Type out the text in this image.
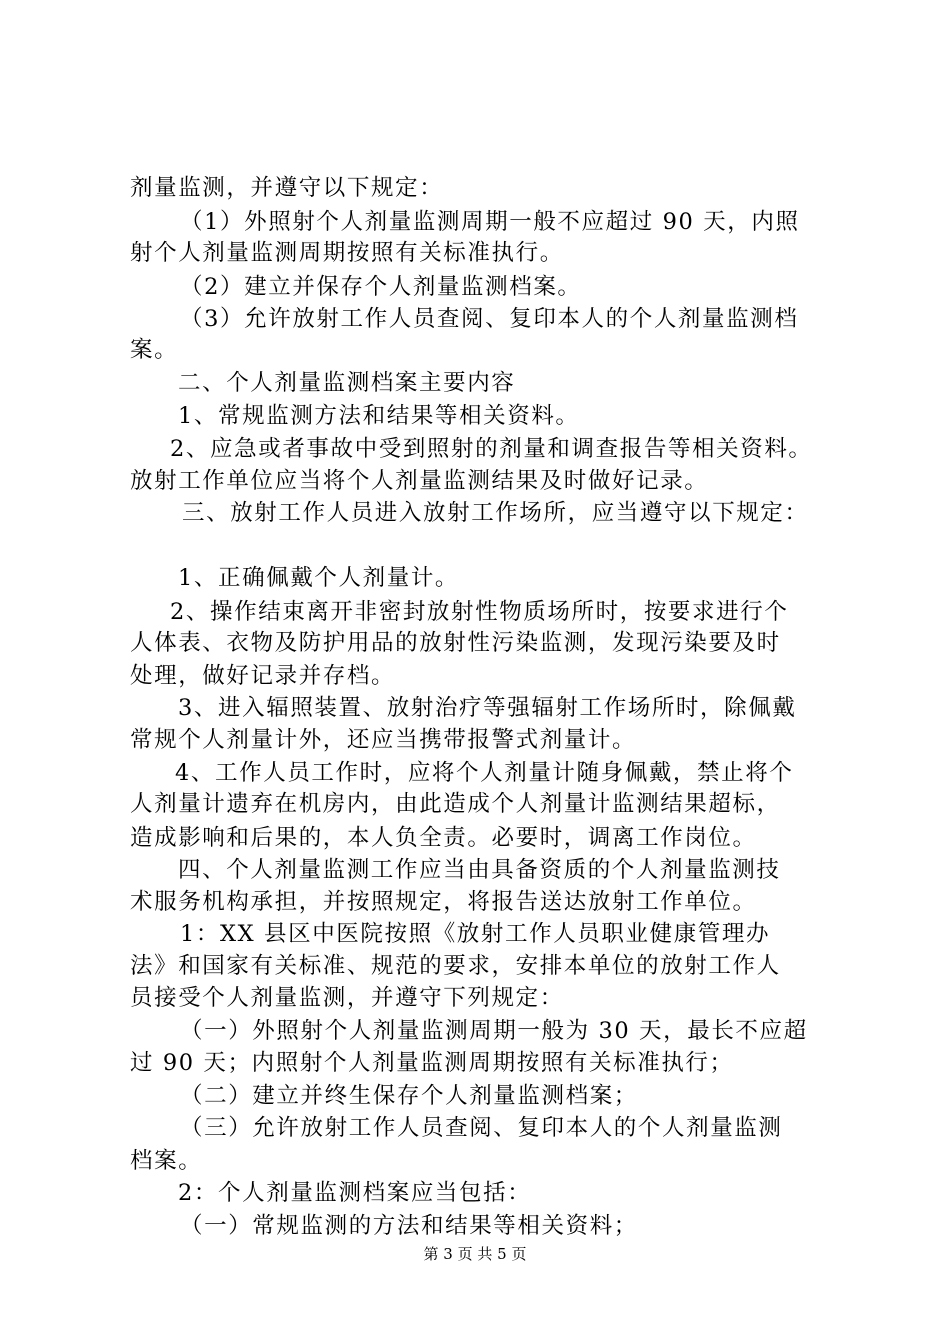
剂量监测，并遵守以下规定：
（1）外照射个人剂量监测周期一般不应超过 90 天，内照
射个人剂量监测周期按照有关标准执行。
（2）建立并保存个人剂量监测档案。
（3）允许放射工作人员查阅、复印本人的个人剂量监测档
案。
二、个人剂量监测档案主要内容
1、常规监测方法和结果等相关资料。
2、应急或者事故中受到照射的剂量和调查报告等相关资料。
放射工作单位应当将个人剂量监测结果及时做好记录。
三、放射工作人员进入放射工作场所，应当遵守以下规定：
1、正确佩戴个人剂量计。
2、操作结束离开非密封放射性物质场所时，按要求进行个
人体表、衣物及防护用品的放射性污染监测，发现污染要及时
处理，做好记录并存档。
3、进入辐照装置、放射治疗等强辐射工作场所时，除佩戴
常规个人剂量计外，还应当携带报警式剂量计。
4、工作人员工作时，应将个人剂量计随身佩戴，禁止将个
人剂量计遗弃在机房内，由此造成个人剂量计监测结果超标，
造成影响和后果的，本人负全责。必要时，调离工作岗位。
四、个人剂量监测工作应当由具备资质的个人剂量监测技
术服务机构承担，并按照规定，将报告送达放射工作单位。
1：XX 县区中医院按照《放射工作人员职业健康管理办
法》和国家有关标准、规范的要求，安排本单位的放射工作人
员接受个人剂量监测，并遵守下列规定：
（一）外照射个人剂量监测周期一般为 30 天，最长不应超
过 90 天；内照射个人剂量监测周期按照有关标准执行；
（二）建立并终生保存个人剂量监测档案；
（三）允许放射工作人员查阅、复印本人的个人剂量监测
档案。
2：个人剂量监测档案应当包括：
（一）常规监测的方法和结果等相关资料；
第 3 页 共 5 页
